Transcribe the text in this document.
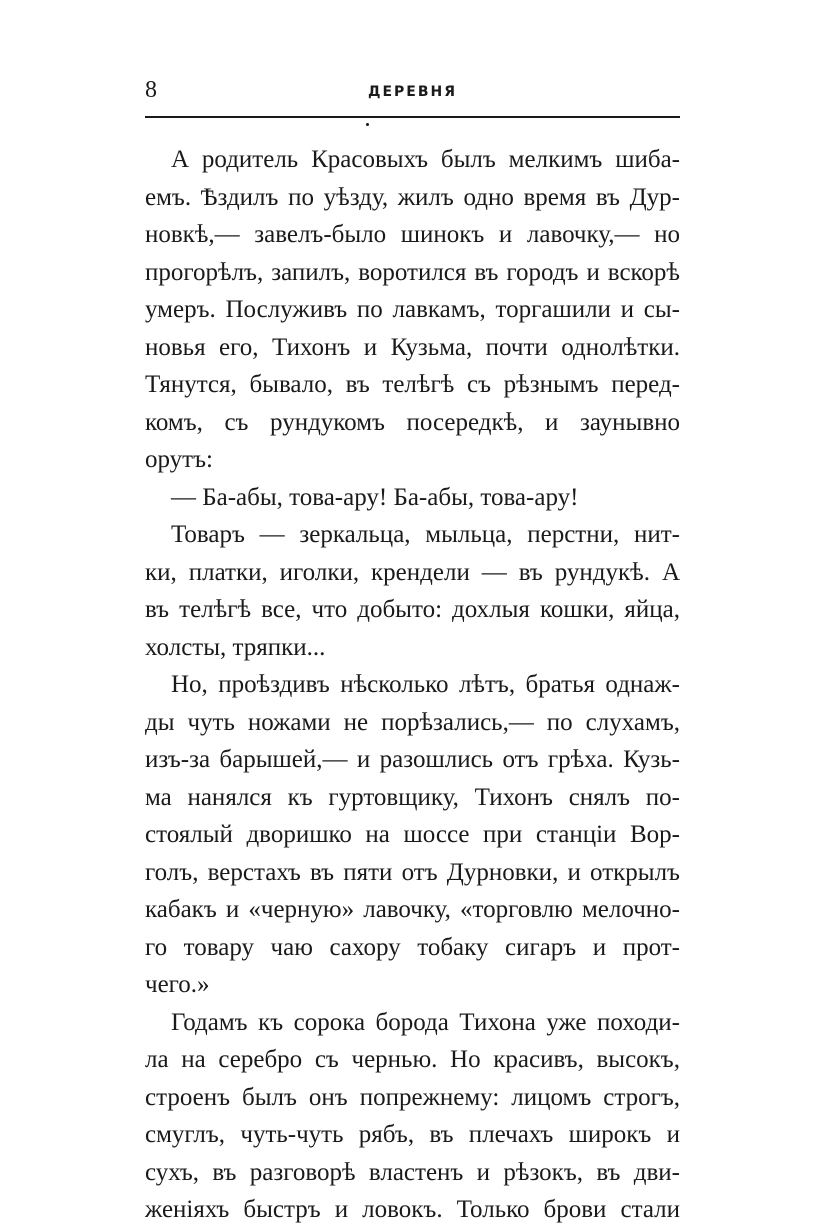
8	ДЕРЕВНЯ
А родитель Красовыхъ былъ мелкимъ шиба-
емъ. Ѣздилъ по уѣзду, жилъ одно время въ Дур-
новкѣ,— завелъ-было шинокъ и лавочку,— но
прогорѣлъ, запилъ, воротился въ городъ и вскорѣ
умеръ. Послуживъ по лавкамъ, торгашили и сы-
новья его, Тихонъ и Кузьма, почти однолѣтки.
Тянутся, бывало, въ телѣгѣ съ рѣзнымъ перед-
комъ, съ рундукомъ посередкѣ, и заунывно
орутъ:
— Ба-абы, това-ару! Ба-абы, това-ару!
Товаръ — зеркальца, мыльца, перстни, нит-
ки, платки, иголки, крендели — въ рундукѣ. А
въ телѣгѣ все, что добыто: дохлыя кошки, яйца,
холсты, тряпки...
Но, проѣздивъ нѣсколько лѣтъ, братья однаж-
ды чуть ножами не порѣзались,— по слухамъ,
изъ-за барышей,— и разошлись отъ грѣха. Кузь-
ма нанялся къ гуртовщику, Тихонъ снялъ по-
стоялый дворишко на шоссе при станціи Вор-
голъ, верстахъ въ пяти отъ Дурновки, и открылъ
кабакъ и «черную» лавочку, «торговлю мелочно-
го товару чаю сахору тобаку сигаръ и прот-
чего.»
Годамъ къ сорока борода Тихона уже походи-
ла на серебро съ чернью. Но красивъ, высокъ,
строенъ былъ онъ попрежнему: лицомъ строгъ,
смуглъ, чуть-чуть рябъ, въ плечахъ широкъ и
сухъ, въ разговорѣ властенъ и рѣзокъ, въ дви-
женіяхъ быстръ и ловокъ. Только брови стали
